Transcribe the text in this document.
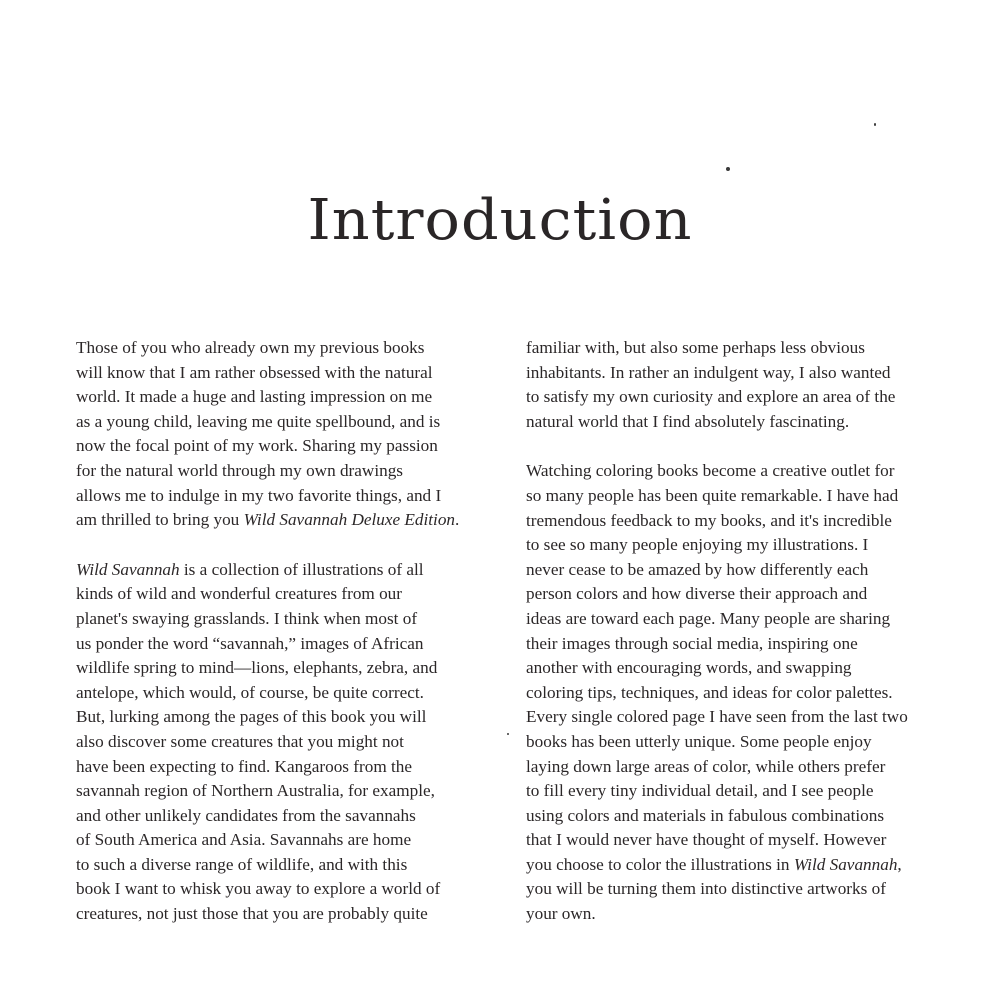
Introduction

Those of you who already own my previous books
will know that I am rather obsessed with the natural
world. It made a huge and lasting impression on me
as a young child, leaving me quite spellbound, and is
now the focal point of my work. Sharing my passion
for the natural world through my own drawings
allows me to indulge in my two favorite things, and I
am thrilled to bring you Wild Savannah Deluxe Edition.

Wild Savannah is a collection of illustrations of all
kinds of wild and wonderful creatures from our
planet's swaying grasslands. I think when most of
us ponder the word “savannah,” images of African
wildlife spring to mind—lions, elephants, zebra, and
antelope, which would, of course, be quite correct.
But, lurking among the pages of this book you will
also discover some creatures that you might not
have been expecting to find. Kangaroos from the
savannah region of Northern Australia, for example,
and other unlikely candidates from the savannahs
of South America and Asia. Savannahs are home
to such a diverse range of wildlife, and with this
book I want to whisk you away to explore a world of
creatures, not just those that you are probably quite

familiar with, but also some perhaps less obvious
inhabitants. In rather an indulgent way, I also wanted
to satisfy my own curiosity and explore an area of the
natural world that I find absolutely fascinating.

Watching coloring books become a creative outlet for
so many people has been quite remarkable. I have had
tremendous feedback to my books, and it's incredible
to see so many people enjoying my illustrations. I
never cease to be amazed by how differently each
person colors and how diverse their approach and
ideas are toward each page. Many people are sharing
their images through social media, inspiring one
another with encouraging words, and swapping
coloring tips, techniques, and ideas for color palettes.
Every single colored page I have seen from the last two
books has been utterly unique. Some people enjoy
laying down large areas of color, while others prefer
to fill every tiny individual detail, and I see people
using colors and materials in fabulous combinations
that I would never have thought of myself. However
you choose to color the illustrations in Wild Savannah,
you will be turning them into distinctive artworks of
your own.
